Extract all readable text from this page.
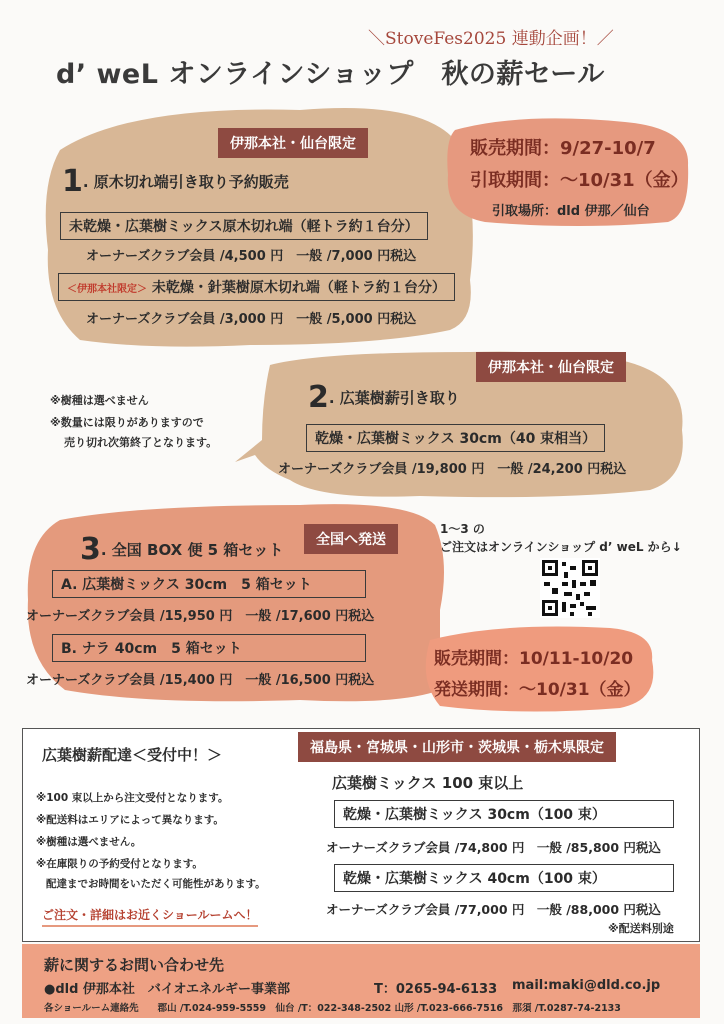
＼StoveFes2025 連動企画！／
d’ weL オンラインショップ　秋の薪セール
伊那本社・仙台限定
1. 原木切れ端引き取り予約販売
未乾燥・広葉樹ミックス原木切れ端（軽トラ約１台分）
オーナーズクラブ会員 /4,500 円　一般 /7,000 円税込
＜伊那本社限定＞ 未乾燥・針葉樹原木切れ端（軽トラ約１台分）
オーナーズクラブ会員 /3,000 円　一般 /5,000 円税込
販売期間：9/27-10/7
引取期間：～10/31（金）
引取場所：dld 伊那／仙台
※樹種は選べません
※数量には限りがありますので
売り切れ次第終了となります。
伊那本社・仙台限定
2. 広葉樹薪引き取り
乾燥・広葉樹ミックス 30cm（40 束相当）
オーナーズクラブ会員 /19,800 円　一般 /24,200 円税込
全国へ発送
3. 全国 BOX 便 5 箱セット
A. 広葉樹ミックス 30cm　5 箱セット
オーナーズクラブ会員 /15,950 円　一般 /17,600 円税込
B. ナラ 40cm　5 箱セット
オーナーズクラブ会員 /15,400 円　一般 /16,500 円税込
販売期間：10/11-10/20
発送期間：～10/31（金）
1～3 の
ご注文はオンラインショップ d’ weL から↓
福島県・宮城県・山形市・茨城県・栃木県限定
広葉樹薪配達＜受付中！＞
広葉樹ミックス 100 束以上
※100 束以上から注文受付となります。
※配送料はエリアによって異なります。
※樹種は選べません。
※在庫限りの予約受付となります。
配達までお時間をいただく可能性があります。
ご注文・詳細はお近くショールームへ！
乾燥・広葉樹ミックス 30cm（100 束）
オーナーズクラブ会員 /74,800 円　一般 /85,800 円税込
乾燥・広葉樹ミックス 40cm（100 束）
オーナーズクラブ会員 /77,000 円　一般 /88,000 円税込
※配送料別途
薪に関するお問い合わせ先
●dld 伊那本社　バイオエネルギー事業部	T：0265-94-6133 mail:maki@dld.co.jp
各ショールーム連絡先　　郡山 /T.024-959-5559　仙台 /T：022-348-2502 山形 /T.023-666-7516　那須 /T.0287-74-2133
